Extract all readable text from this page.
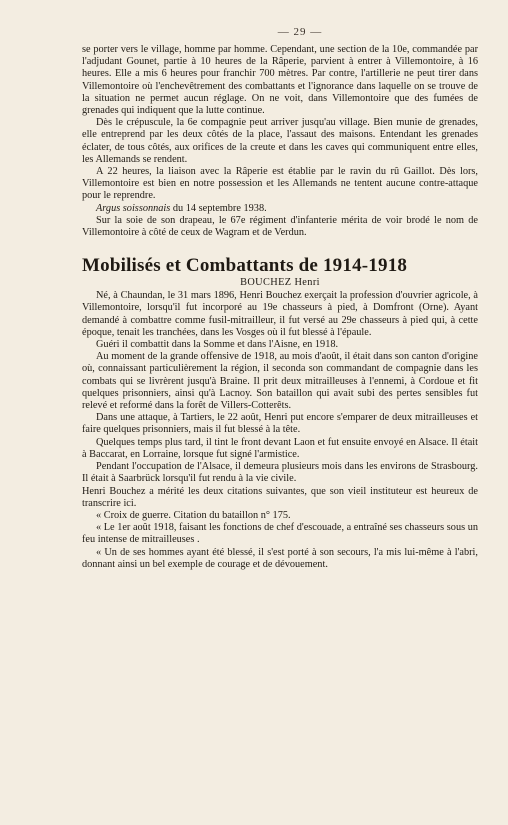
— 29 —

se porter vers le village, homme par homme. Cependant, une section de la 10e, commandée par l'adjudant Gounet, partie à 10 heures de la Râperie, parvient à entrer à Villemontoire, à 16 heures. Elle a mis 6 heures pour franchir 700 mètres. Par contre, l'artillerie ne peut tirer dans Villemontoire où l'enchevêtrement des combattants et l'ignorance dans laquelle on se trouve de la situation ne permet aucun réglage. On ne voit, dans Villemontoire que des fumées de grenades qui indiquent que la lutte continue.

Dès le crépuscule, la 6e compagnie peut arriver jusqu'au village. Bien munie de grenades, elle entreprend par les deux côtés de la place, l'assaut des maisons. Entendant les grenades éclater, de tous côtés, aux orifices de la creute et dans les caves qui communiquent entre elles, les Allemands se rendent.

A 22 heures, la liaison avec la Râperie est établie par le ravin du rû Gaillot. Dès lors, Villemontoire est bien en notre possession et les Allemands ne tentent aucune contre-attaque pour le reprendre.

Argus soissonnais du 14 septembre 1938.

Sur la soie de son drapeau, le 67e régiment d'infanterie mérita de voir brodé le nom de Villemontoire à côté de ceux de Wagram et de Verdun.

Mobilisés et Combattants de 1914-1918
BOUCHEZ Henri

Né, à Chaundan, le 31 mars 1896, Henri Bouchez exerçait la profession d'ouvrier agricole, à Villemontoire, lorsqu'il fut incorporé au 19e chasseurs à pied, à Domfront (Orne). Ayant demandé à combattre comme fusil-mitrailleur, il fut versé au 29e chasseurs à pied qui, à cette époque, tenait les tranchées, dans les Vosges où il fut blessé à l'épaule.

Guéri il combattit dans la Somme et dans l'Aisne, en 1918.

Au moment de la grande offensive de 1918, au mois d'août, il était dans son canton d'origine où, connaissant particulièrement la région, il seconda son commandant de compagnie dans les combats qui se livrèrent jusqu'à Braine. Il prit deux mitrailleuses à l'ennemi, à Cordoue et fit quelques prisonniers, ainsi qu'à Lacnoy. Son bataillon qui avait subi des pertes sensibles fut relevé et reformé dans la forêt de Villers-Cotterêts.

Dans une attaque, à Tartiers, le 22 août, Henri put encore s'emparer de deux mitrailleuses et faire quelques prisonniers, mais il fut blessé à la tête.

Quelques temps plus tard, il tint le front devant Laon et fut ensuite envoyé en Alsace. Il était à Baccarat, en Lorraine, lorsque fut signé l'armistice.

Pendant l'occupation de l'Alsace, il demeura plusieurs mois dans les environs de Strasbourg. Il était à Saarbrück lorsqu'il fut rendu à la vie civile.

Henri Bouchez a mérité les deux citations suivantes, que son vieil instituteur est heureux de transcrire ici.

« Croix de guerre. Citation du bataillon n° 175.

« Le 1er août 1918, faisant les fonctions de chef d'escouade, a entraîné ses chasseurs sous un feu intense de mitrailleuses .

« Un de ses hommes ayant été blessé, il s'est porté à son secours, l'a mis lui-même à l'abri, donnant ainsi un bel exemple de courage et de dévouement.
